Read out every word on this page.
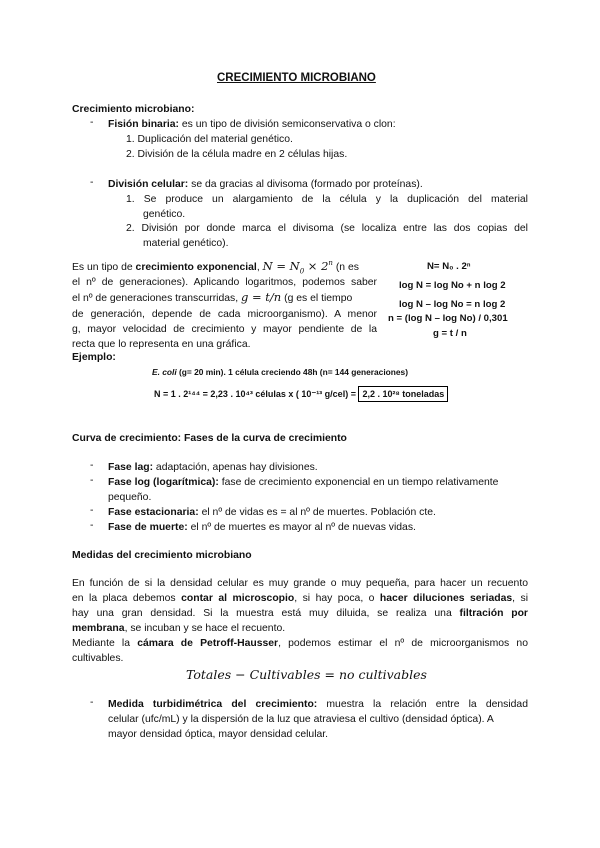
CRECIMIENTO MICROBIANO
Crecimiento microbiano:
- Fisión binaria: es un tipo de división semiconservativa o clon:
1. Duplicación del material genético.
2. División de la célula madre en 2 células hijas.
- División celular: se da gracias al divisoma (formado por proteínas).
1. Se produce un alargamiento de la célula y la duplicación del material
genético.
2. División por donde marca el divisoma (se localiza entre las dos copias del
material genético).
Es un tipo de crecimiento exponencial, $N = N_0 \times 2^n$ (n es
el nº de generaciones). Aplicando logaritmos, podemos saber
el nº de generaciones transcurridas, g = t/n (g es el tiempo
de generación, depende de cada microorganismo). A menor
g, mayor velocidad de crecimiento y mayor pendiente de la
recta que lo representa en una gráfica.
N= N₀ . 2ⁿ
log N = log No + n log 2
log N – log No = n log 2
n = (log N – log No) / 0,301
g = t / n
Ejemplo:
E. coli (g= 20 min). 1 célula creciendo 48h (n= 144 generaciones)
N = 1 . 2¹⁴⁴ = 2,23 . 10⁴³ células x ( 10⁻¹³ g/cel) = 2,2 . 10²⁸ toneladas
Curva de crecimiento: Fases de la curva de crecimiento
- Fase lag: adaptación, apenas hay divisiones.
- Fase log (logarítmica): fase de crecimiento exponencial en un tiempo relativamente
pequeño.
- Fase estacionaria: el nº de vidas es = al nº de muertes. Población cte.
- Fase de muerte: el nº de muertes es mayor al nº de nuevas vidas.
Medidas del crecimiento microbiano
En función de si la densidad celular es muy grande o muy pequeña, para hacer un recuento
en la placa debemos contar al microscopio, si hay poca, o hacer diluciones seriadas, si
hay una gran densidad. Si la muestra está muy diluida, se realiza una filtración por
membrana, se incuban y se hace el recuento.
Mediante la cámara de Petroff-Hausser, podemos estimar el nº de microorganismos no
cultivables.
Totales − Cultivables = no cultivables
- Medida turbidimétrica del crecimiento: muestra la relación entre la densidad
celular (ufc/mL) y la dispersión de la luz que atraviesa el cultivo (densidad óptica). A
mayor densidad óptica, mayor densidad celular.
